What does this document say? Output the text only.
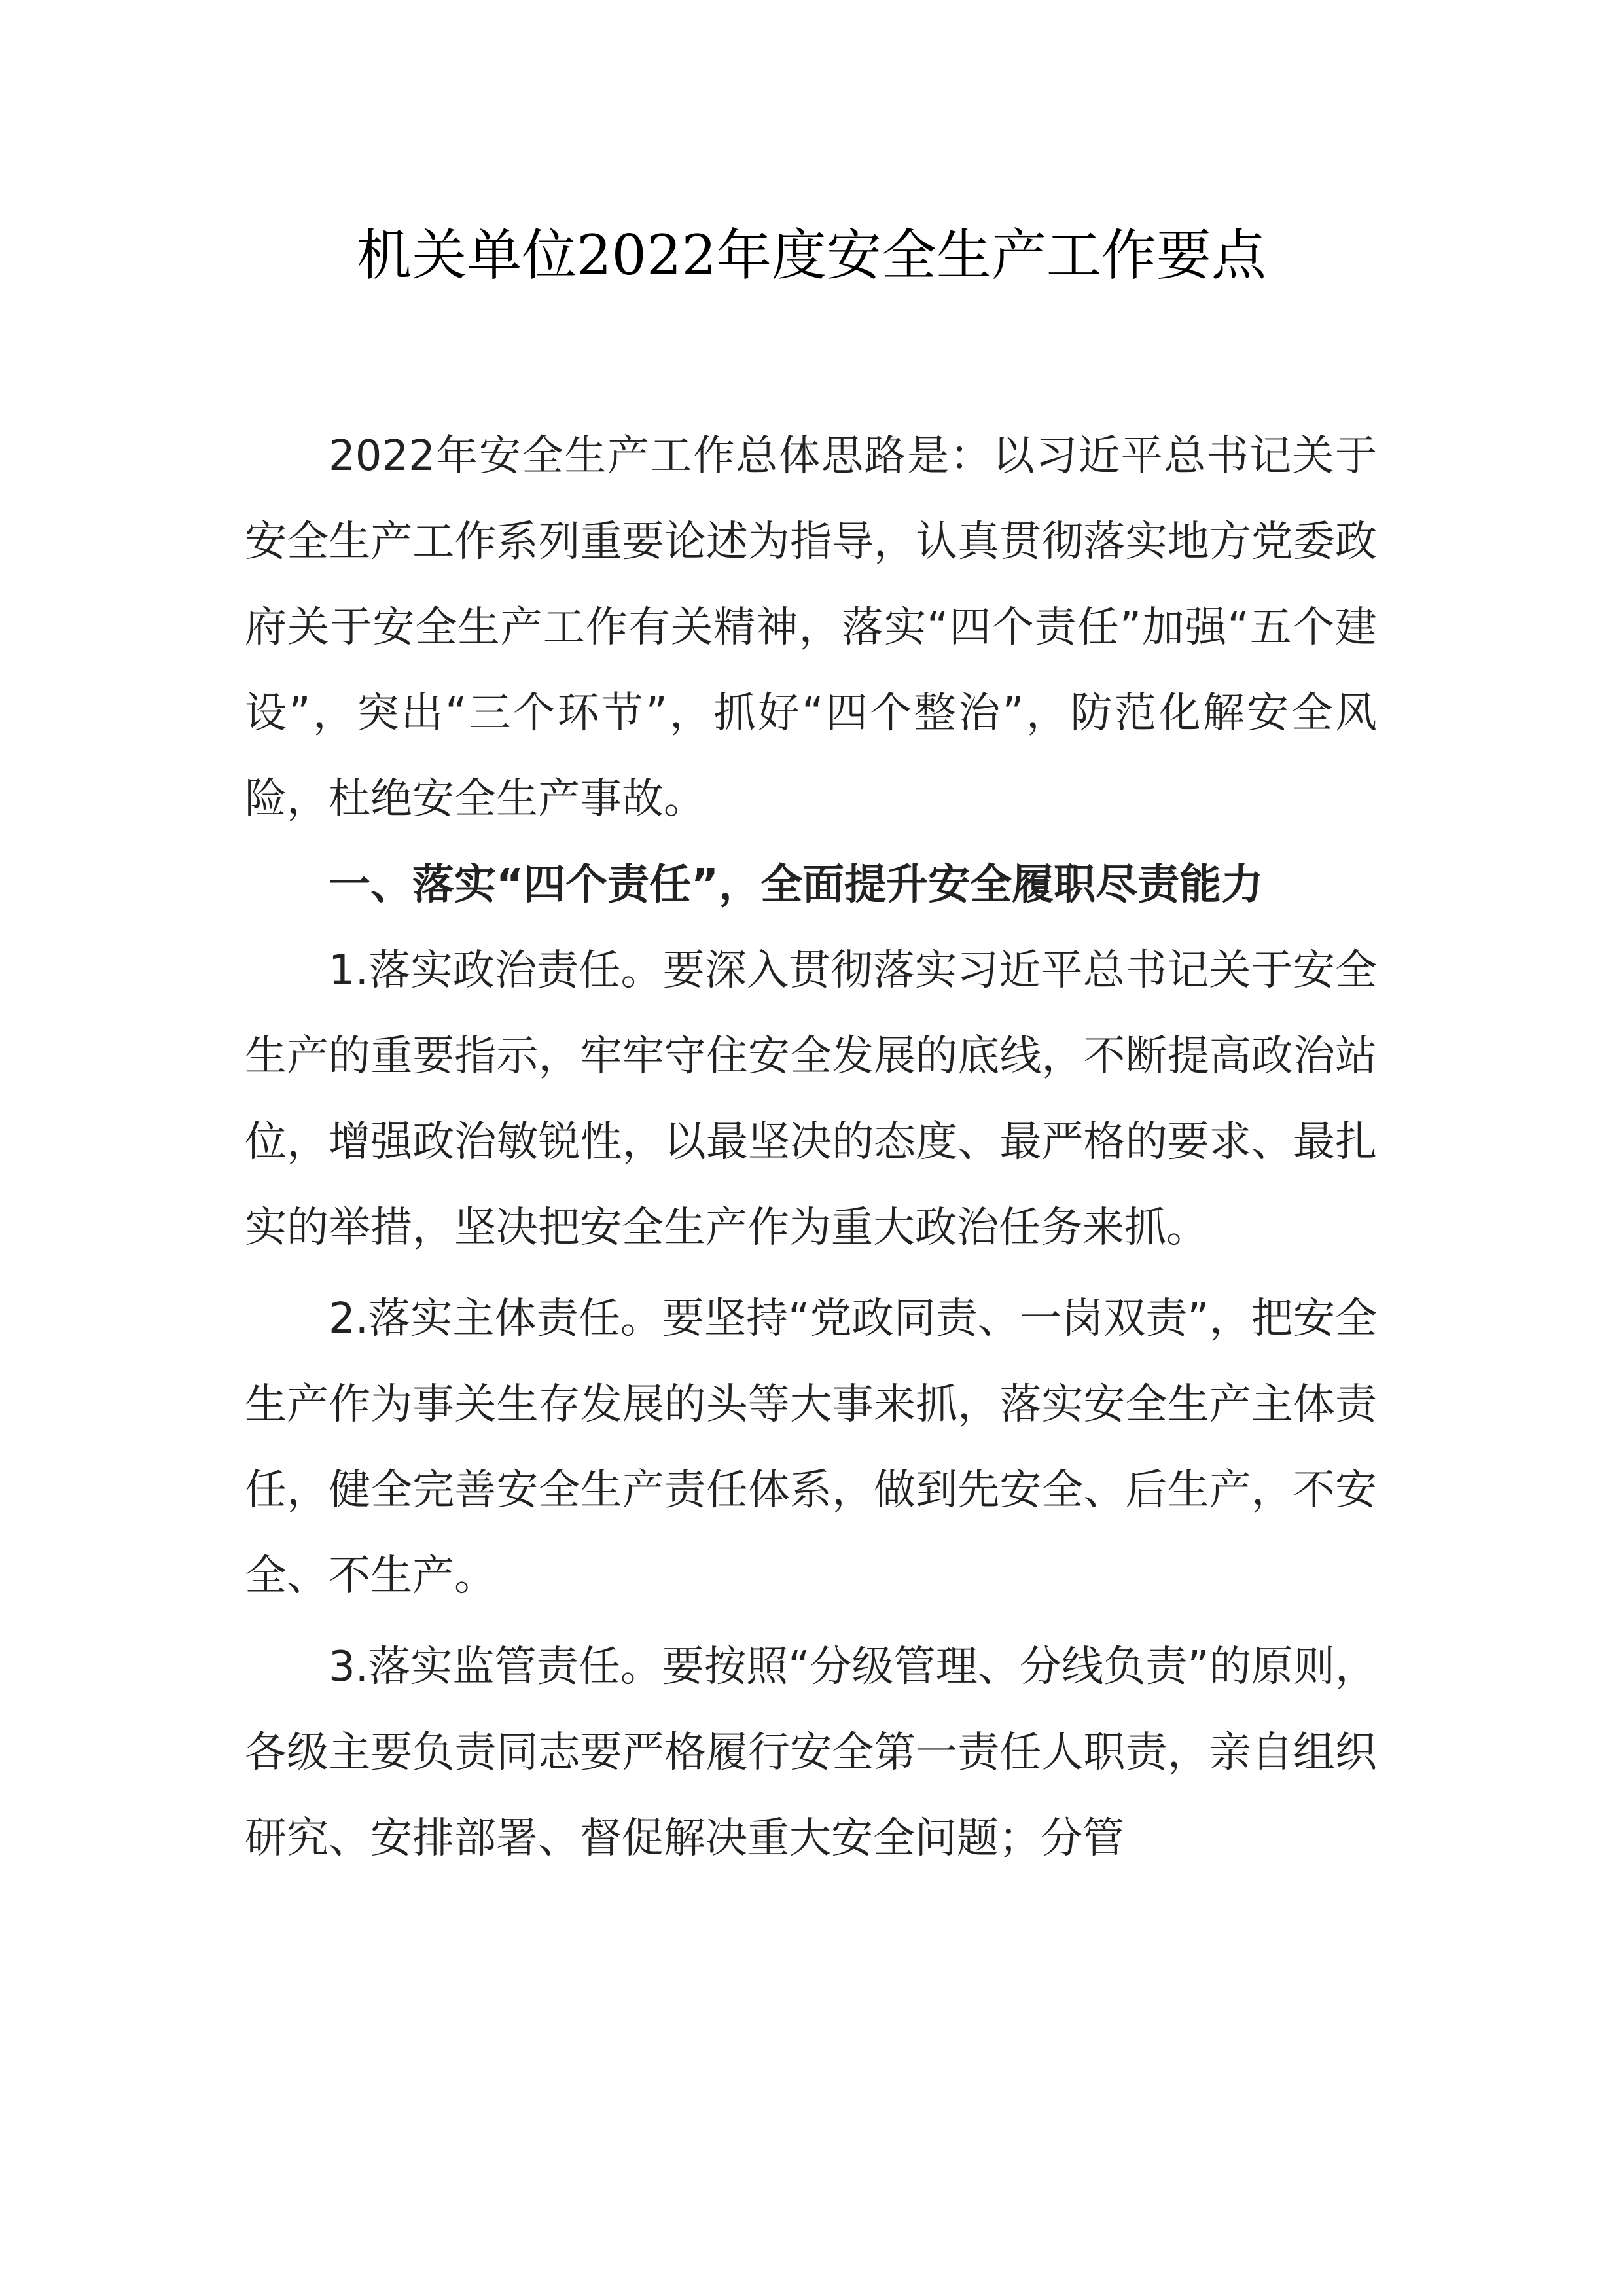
机关单位2022年度安全生产工作要点

2022年安全生产工作总体思路是：以习近平总书记关于安全生产工作系列重要论述为指导，认真贯彻落实地方党委政府关于安全生产工作有关精神，落实“四个责任”加强“五个建设”，突出“三个环节”，抓好“四个整治”，防范化解安全风险，杜绝安全生产事故。

一、落实“四个责任”，全面提升安全履职尽责能力

1.落实政治责任。要深入贯彻落实习近平总书记关于安全生产的重要指示，牢牢守住安全发展的底线，不断提高政治站位，增强政治敏锐性，以最坚决的态度、最严格的要求、最扎实的举措，坚决把安全生产作为重大政治任务来抓。

2.落实主体责任。要坚持“党政同责、一岗双责”，把安全生产作为事关生存发展的头等大事来抓，落实安全生产主体责任，健全完善安全生产责任体系，做到先安全、后生产，不安全、不生产。

3.落实监管责任。要按照“分级管理、分线负责”的原则，各级主要负责同志要严格履行安全第一责任人职责，亲自组织研究、安排部署、督促解决重大安全问题；分管
